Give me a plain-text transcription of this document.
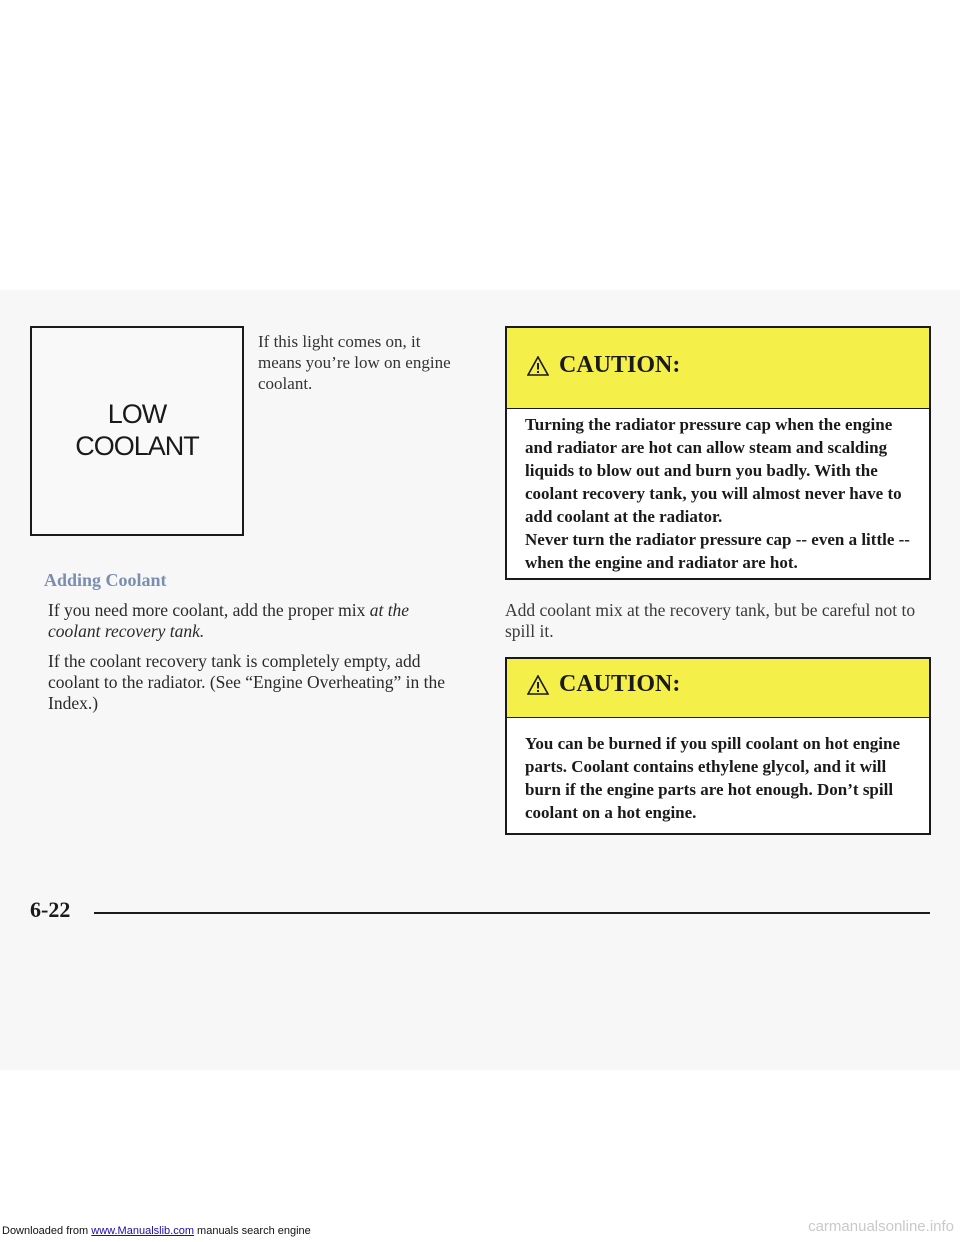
LOW
COOLANT
If this light comes on, it means you’re low on engine coolant.
Adding Coolant
If you need more coolant, add the proper mix at the coolant recovery tank.
If the coolant recovery tank is completely empty, add coolant to the radiator. (See “Engine Overheating” in the Index.)
CAUTION:

Turning the radiator pressure cap when the engine and radiator are hot can allow steam and scalding liquids to blow out and burn you badly. With the coolant recovery tank, you will almost never have to add coolant at the radiator.

Never turn the radiator pressure cap -- even a little -- when the engine and radiator are hot.

Add coolant mix at the recovery tank, but be careful not to spill it.
CAUTION:

You can be burned if you spill coolant on hot engine parts. Coolant contains ethylene glycol, and it will burn if the engine parts are hot enough. Don’t spill coolant on a hot engine.

6-22
Downloaded from www.Manualslib.com manuals search engine	carmanualsonline.info
